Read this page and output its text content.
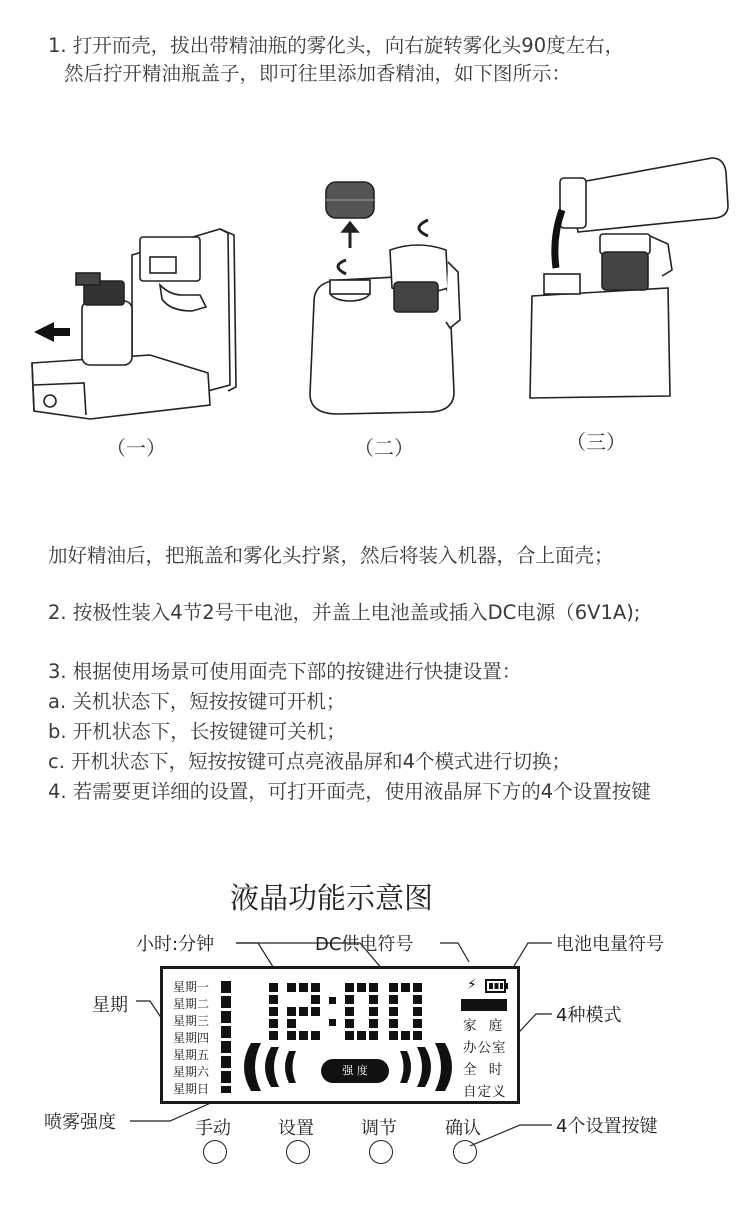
1. 打开而壳，拔出带精油瓶的雾化头，向右旋转雾化头90度左右，
然后拧开精油瓶盖子，即可往里添加香精油，如下图所示：
（一）	（二）	（三）
加好精油后，把瓶盖和雾化头拧紧，然后将装入机器，合上面壳；
2. 按极性装入4节2号干电池，并盖上电池盖或插入DC电源（6V1A);
3. 根据使用场景可使用面壳下部的按键进行快捷设置：
a. 关机状态下，短按按键可开机；
b. 开机状态下，长按键键可关机；
c. 开机状态下，短按按键可点亮液晶屏和4个模式进行切换；
4. 若需要更详细的设置，可打开面壳，使用液晶屏下方的4个设置按键
液晶功能示意图
小时:分钟	DC供电符号	电池电量符号
星期	4种模式
喷雾强度	4个设置按键
星期一
星期二
星期三
星期四
星期五
星期六
星期日
强 度
⚡
家 庭
办公室
全 时
自定义
手动	设置	调节	确认
